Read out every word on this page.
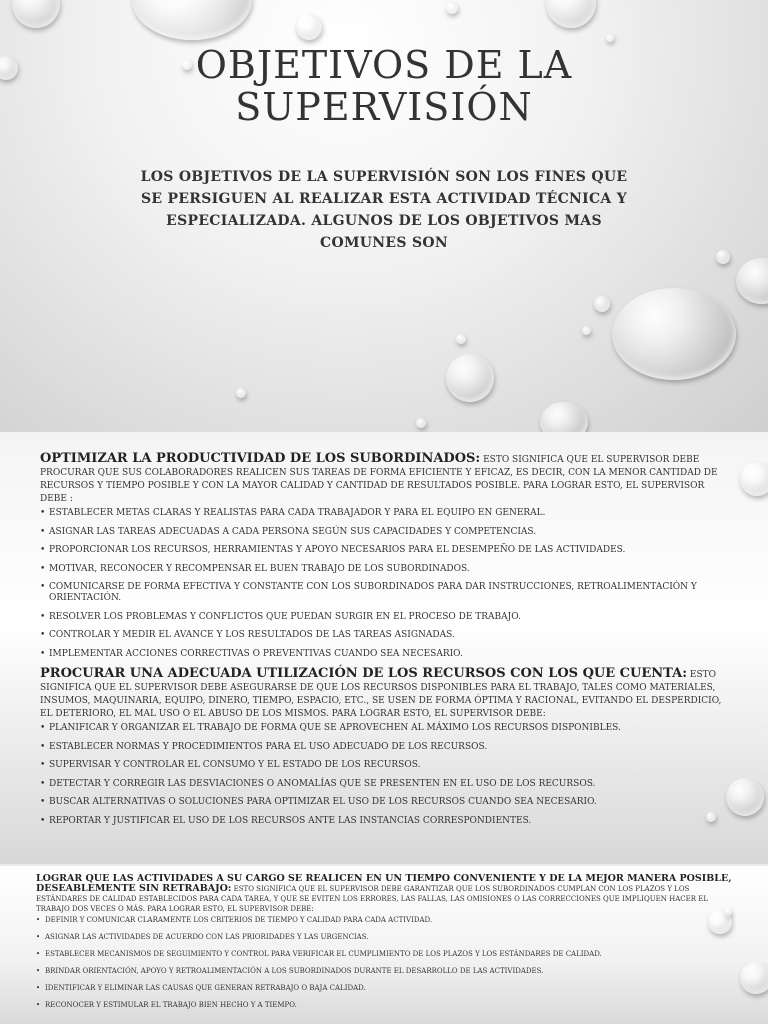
OBJETIVOS DE LA
SUPERVISIÓN

LOS OBJETIVOS DE LA SUPERVISIÓN SON LOS FINES QUE SE PERSIGUEN AL REALIZAR ESTA ACTIVIDAD TÉCNICA Y ESPECIALIZADA. ALGUNOS DE LOS OBJETIVOS MAS COMUNES SON

OPTIMIZAR LA PRODUCTIVIDAD DE LOS SUBORDINADOS: ESTO SIGNIFICA QUE EL SUPERVISOR DEBE PROCURAR QUE SUS COLABORADORES REALICEN SUS TAREAS DE FORMA EFICIENTE Y EFICAZ, ES DECIR, CON LA MENOR CANTIDAD DE RECURSOS Y TIEMPO POSIBLE Y CON LA MAYOR CALIDAD Y CANTIDAD DE RESULTADOS POSIBLE. PARA LOGRAR ESTO, EL SUPERVISOR DEBE :

• ESTABLECER METAS CLARAS Y REALISTAS PARA CADA TRABAJADOR Y PARA EL EQUIPO EN GENERAL.
• ASIGNAR LAS TAREAS ADECUADAS A CADA PERSONA SEGÚN SUS CAPACIDADES Y COMPETENCIAS.
• PROPORCIONAR LOS RECURSOS, HERRAMIENTAS Y APOYO NECESARIOS PARA EL DESEMPEÑO DE LAS ACTIVIDADES.
• MOTIVAR, RECONOCER Y RECOMPENSAR EL BUEN TRABAJO DE LOS SUBORDINADOS.
• COMUNICARSE DE FORMA EFECTIVA Y CONSTANTE CON LOS SUBORDINADOS PARA DAR INSTRUCCIONES, RETROALIMENTACIÓN Y ORIENTACIÓN.
• RESOLVER LOS PROBLEMAS Y CONFLICTOS QUE PUEDAN SURGIR EN EL PROCESO DE TRABAJO.
• CONTROLAR Y MEDIR EL AVANCE Y LOS RESULTADOS DE LAS TAREAS ASIGNADAS.
• IMPLEMENTAR ACCIONES CORRECTIVAS O PREVENTIVAS CUANDO SEA NECESARIO.

PROCURAR UNA ADECUADA UTILIZACIÓN DE LOS RECURSOS CON LOS QUE CUENTA: ESTO SIGNIFICA QUE EL SUPERVISOR DEBE ASEGURARSE DE QUE LOS RECURSOS DISPONIBLES PARA EL TRABAJO, TALES COMO MATERIALES, INSUMOS, MAQUINARIA, EQUIPO, DINERO, TIEMPO, ESPACIO, ETC., SE USEN DE FORMA ÓPTIMA Y RACIONAL, EVITANDO EL DESPERDICIO, EL DETERIORO, EL MAL USO O EL ABUSO DE LOS MISMOS. PARA LOGRAR ESTO, EL SUPERVISOR DEBE:

• PLANIFICAR Y ORGANIZAR EL TRABAJO DE FORMA QUE SE APROVECHEN AL MÁXIMO LOS RECURSOS DISPONIBLES.
• ESTABLECER NORMAS Y PROCEDIMIENTOS PARA EL USO ADECUADO DE LOS RECURSOS.
• SUPERVISAR Y CONTROLAR EL CONSUMO Y EL ESTADO DE LOS RECURSOS.
• DETECTAR Y CORREGIR LAS DESVIACIONES O ANOMALÍAS QUE SE PRESENTEN EN EL USO DE LOS RECURSOS.
• BUSCAR ALTERNATIVAS O SOLUCIONES PARA OPTIMIZAR EL USO DE LOS RECURSOS CUANDO SEA NECESARIO.
• REPORTAR Y JUSTIFICAR EL USO DE LOS RECURSOS ANTE LAS INSTANCIAS CORRESPONDIENTES.

LOGRAR QUE LAS ACTIVIDADES A SU CARGO SE REALICEN EN UN TIEMPO CONVENIENTE Y DE LA MEJOR MANERA POSIBLE, DESEABLEMENTE SIN RETRABAJO: ESTO SIGNIFICA QUE EL SUPERVISOR DEBE GARANTIZAR QUE LOS SUBORDINADOS CUMPLAN CON LOS PLAZOS Y LOS ESTÁNDARES DE CALIDAD ESTABLECIDOS PARA CADA TAREA, Y QUE SE EVITEN LOS ERRORES, LAS FALLAS, LAS OMISIONES O LAS CORRECCIONES QUE IMPLIQUEN HACER EL TRABAJO DOS VECES O MÁS. PARA LOGRAR ESTO, EL SUPERVISOR DEBE:

• DEFINIR Y COMUNICAR CLARAMENTE LOS CRITERIOS DE TIEMPO Y CALIDAD PARA CADA ACTIVIDAD.
• ASIGNAR LAS ACTIVIDADES DE ACUERDO CON LAS PRIORIDADES Y LAS URGENCIAS.
• ESTABLECER MECANISMOS DE SEGUIMIENTO Y CONTROL PARA VERIFICAR EL CUMPLIMIENTO DE LOS PLAZOS Y LOS ESTÁNDARES DE CALIDAD.
• BRINDAR ORIENTACIÓN, APOYO Y RETROALIMENTACIÓN A LOS SUBORDINADOS DURANTE EL DESARROLLO DE LAS ACTIVIDADES.
• IDENTIFICAR Y ELIMINAR LAS CAUSAS QUE GENERAN RETRABAJO O BAJA CALIDAD.
• RECONOCER Y ESTIMULAR EL TRABAJO BIEN HECHO Y A TIEMPO.
